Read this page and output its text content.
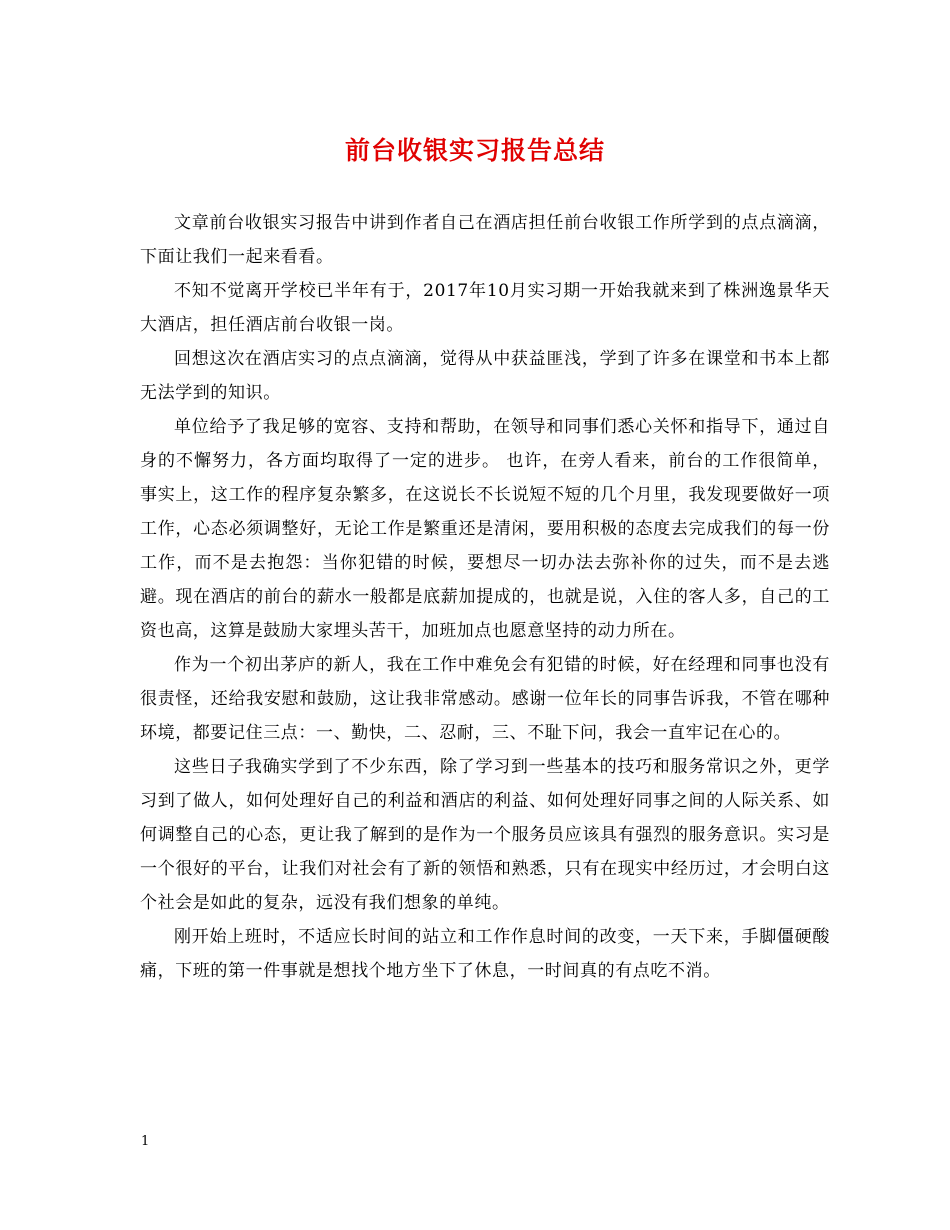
前台收银实习报告总结

文章前台收银实习报告中讲到作者自己在酒店担任前台收银工作所学到的点点滴滴，下面让我们一起来看看。

不知不觉离开学校已半年有于，2017年10月实习期一开始我就来到了株洲逸景华天大酒店，担任酒店前台收银一岗。

回想这次在酒店实习的点点滴滴，觉得从中获益匪浅，学到了许多在课堂和书本上都无法学到的知识。

单位给予了我足够的宽容、支持和帮助，在领导和同事们悉心关怀和指导下，通过自身的不懈努力，各方面均取得了一定的进步。 也许，在旁人看来，前台的工作很简单，事实上，这工作的程序复杂繁多，在这说长不长说短不短的几个月里，我发现要做好一项工作，心态必须调整好，无论工作是繁重还是清闲，要用积极的态度去完成我们的每一份工作，而不是去抱怨：当你犯错的时候，要想尽一切办法去弥补你的过失，而不是去逃避。现在酒店的前台的薪水一般都是底薪加提成的，也就是说，入住的客人多，自己的工资也高，这算是鼓励大家埋头苦干，加班加点也愿意坚持的动力所在。

作为一个初出茅庐的新人，我在工作中难免会有犯错的时候，好在经理和同事也没有很责怪，还给我安慰和鼓励，这让我非常感动。感谢一位年长的同事告诉我，不管在哪种环境，都要记住三点：一、勤快，二、忍耐，三、不耻下问，我会一直牢记在心的。

这些日子我确实学到了不少东西，除了学习到一些基本的技巧和服务常识之外，更学习到了做人，如何处理好自己的利益和酒店的利益、如何处理好同事之间的人际关系、如何调整自己的心态，更让我了解到的是作为一个服务员应该具有强烈的服务意识。实习是一个很好的平台，让我们对社会有了新的领悟和熟悉，只有在现实中经历过，才会明白这个社会是如此的复杂，远没有我们想象的单纯。

刚开始上班时，不适应长时间的站立和工作作息时间的改变，一天下来，手脚僵硬酸痛，下班的第一件事就是想找个地方坐下了休息，一时间真的有点吃不消。

1
